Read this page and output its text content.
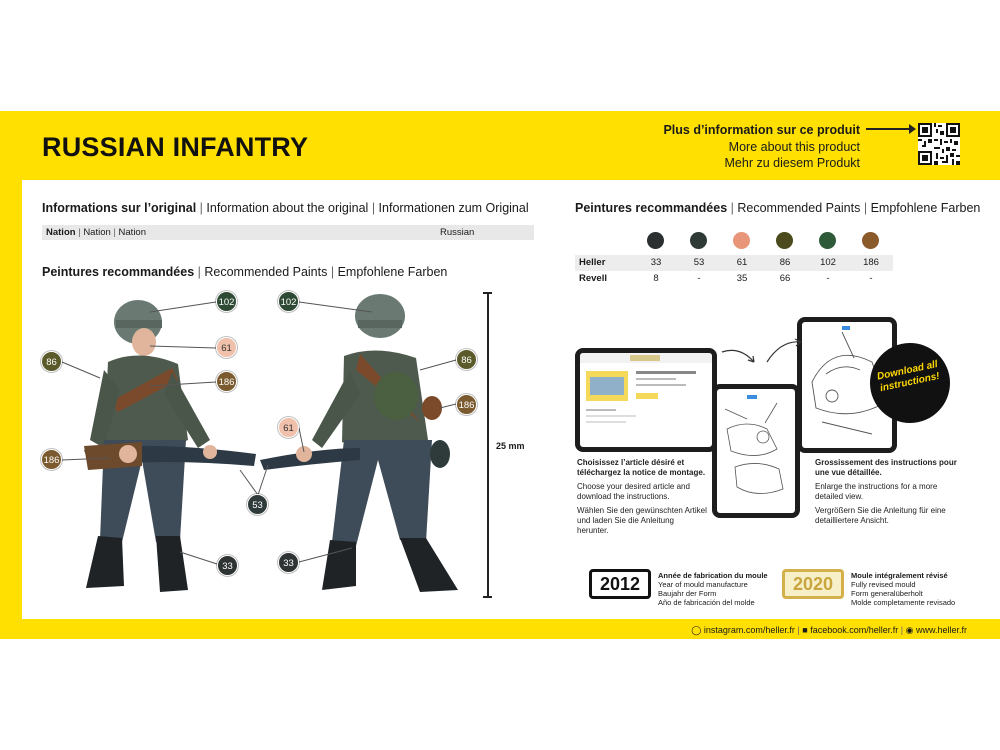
RUSSIAN INFANTRY
Plus d’information sur ce produit
More about this product
Mehr zu diesem Produkt
Informations sur l’original | Information about the original | Informationen zum Original
Nation | Nation | Nation	Russian
Peintures recommandées | Recommended Paints | Empfohlene Farben
102
61
86
186
186
53
33
102
86
186
61
33
25 mm
Peintures recommandées | Recommended Paints | Empfohlene Farben
Heller	33	53	61	86	102	186
Revell	8	-	35	66	-	-
Download all instructions!
Choisissez l’article désiré et téléchargez la notice de montage.
Choose your desired article and download the instructions.
Wählen Sie den gewünschten Artikel und laden Sie die Anleitung herunter.
Grossissement des instructions pour une vue détaillée.
Enlarge the instructions for a more detailed view.
Vergrößern Sie die Anleitung für eine detailliertere Ansicht.
2012	Année de fabrication du moule
Year of mould manufacture
Baujahr der Form
Año de fabricación del molde
2020	Moule intégralement révisé
Fully revised mould
Form generalüberholt
Molde completamente revisado
◯ instagram.com/heller.fr | ■ facebook.com/heller.fr | ◉ www.heller.fr
